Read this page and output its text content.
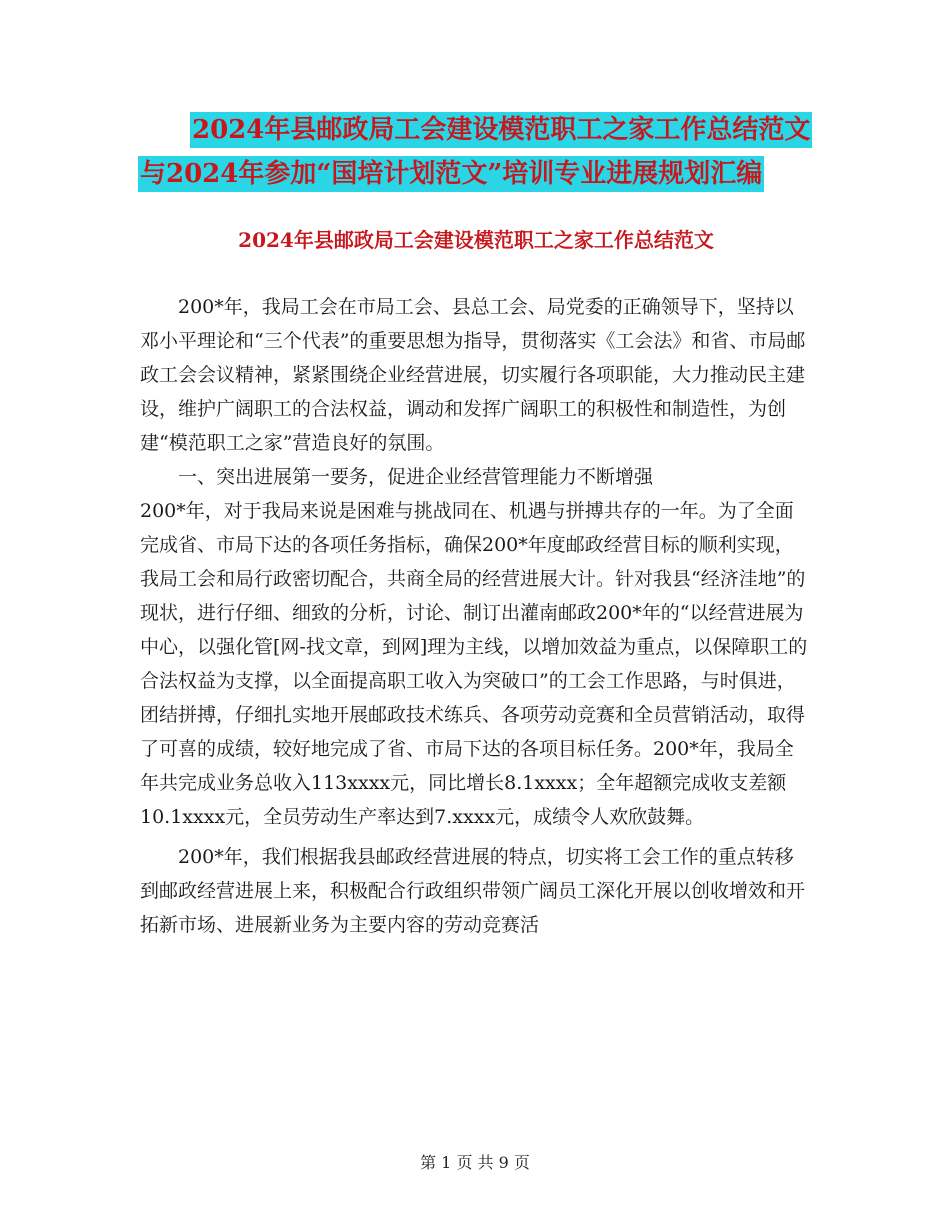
2024年县邮政局工会建设模范职工之家工作总结范文
与2024年参加“国培计划范文”培训专业进展规划汇编
2024年县邮政局工会建设模范职工之家工作总结范文

200*年，我局工会在市局工会、县总工会、局党委的正确领导下，坚持以邓小平理论和“三个代表”的重要思想为指导，贯彻落实《工会法》和省、市局邮政工会会议精神，紧紧围绕企业经营进展，切实履行各项职能，大力推动民主建设，维护广阔职工的合法权益，调动和发挥广阔职工的积极性和制造性，为创建“模范职工之家”营造良好的氛围。

一、突出进展第一要务，促进企业经营管理能力不断增强

200*年，对于我局来说是困难与挑战同在、机遇与拼搏共存的一年。为了全面完成省、市局下达的各项任务指标，确保200*年度邮政经营目标的顺利实现，我局工会和局行政密切配合，共商全局的经营进展大计。针对我县“经济洼地”的现状，进行仔细、细致的分析，讨论、制订出灌南邮政200*年的“以经营进展为中心，以强化管[网-找文章，到网]理为主线，以增加效益为重点，以保障职工的合法权益为支撑，以全面提高职工收入为突破口”的工会工作思路，与时俱进，团结拼搏，仔细扎实地开展邮政技术练兵、各项劳动竞赛和全员营销活动，取得了可喜的成绩，较好地完成了省、市局下达的各项目标任务。200*年，我局全年共完成业务总收入113xxxx元，同比增长8.1xxxx；全年超额完成收支差额10.1xxxx元，全员劳动生产率达到7.xxxx元，成绩令人欢欣鼓舞。

200*年，我们根据我县邮政经营进展的特点，切实将工会工作的重点转移到邮政经营进展上来，积极配合行政组织带领广阔员工深化开展以创收增效和开拓新市场、进展新业务为主要内容的劳动竞赛活

第 1 页 共 9 页
